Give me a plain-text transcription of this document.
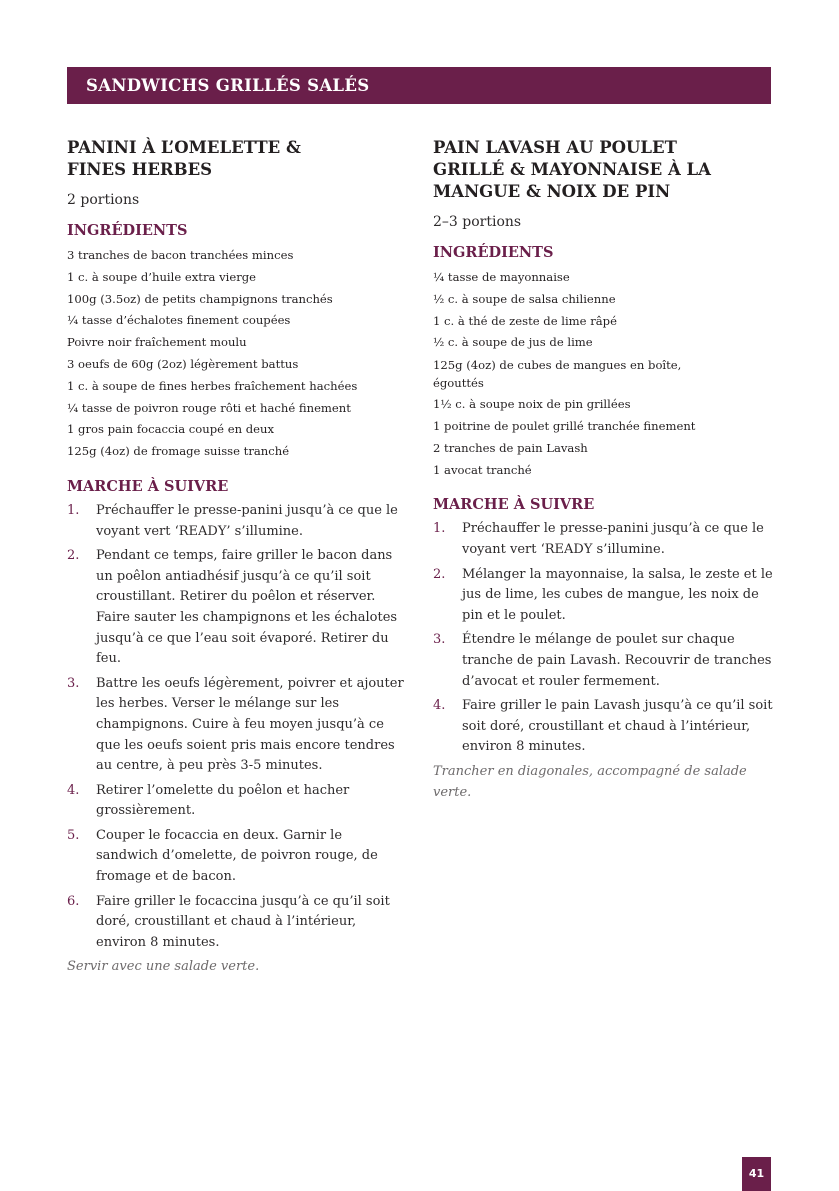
SANDWICHS GRILLÉS SALÉS
PANINI À L’OMELETTE &
FINES HERBES

2 portions

INGRÉDIENTS
3 tranches de bacon tranchées minces
1 c. à soupe d’huile extra vierge
100g (3.5oz) de petits champignons tranchés
¼ tasse d’échalotes finement coupées
Poivre noir fraîchement moulu
3 oeufs de 60g (2oz) légèrement battus
1 c. à soupe de fines herbes fraîchement hachées
¼ tasse de poivron rouge rôti et haché finement
1 gros pain focaccia coupé en deux
125g (4oz) de fromage suisse tranché
MARCHE À SUIVRE
1. Préchauffer le presse-panini jusqu’à ce que le voyant vert ‘READY’ s’illumine.
2. Pendant ce temps, faire griller le bacon dans un poêlon antiadhésif jusqu’à ce qu’il soit croustillant. Retirer du poêlon et réserver. Faire sauter les champignons et les échalotes jusqu’à ce que l’eau soit évaporé. Retirer du feu.
3. Battre les oeufs légèrement, poivrer et ajouter les herbes. Verser le mélange sur les champignons. Cuire à feu moyen jusqu’à ce que les oeufs soient pris mais encore tendres au centre, à peu près 3-5 minutes.
4. Retirer l’omelette du poêlon et hacher grossièrement.
5. Couper le focaccia en deux. Garnir le sandwich d’omelette, de poivron rouge, de fromage et de bacon.
6. Faire griller le focaccina jusqu’à ce qu’il soit doré, croustillant et chaud à l’intérieur, environ 8 minutes.

Servir avec une salade verte.

PAIN LAVASH AU POULET
GRILLÉ & MAYONNAISE À LA
MANGUE & NOIX DE PIN

2–3 portions

INGRÉDIENTS
¼ tasse de mayonnaise
½ c. à soupe de salsa chilienne
1 c. à thé de zeste de lime râpé
½ c. à soupe de jus de lime
125g (4oz) de cubes de mangues en boîte, égouttés
1½ c. à soupe noix de pin grillées
1 poitrine de poulet grillé tranchée finement
2 tranches de pain Lavash
1 avocat tranché
MARCHE À SUIVRE
1. Préchauffer le presse-panini jusqu’à ce que le voyant vert ‘READY s’illumine.
2. Mélanger la mayonnaise, la salsa, le zeste et le jus de lime, les cubes de mangue, les noix de pin et le poulet.
3. Étendre le mélange de poulet sur chaque tranche de pain Lavash. Recouvrir de tranches d’avocat et rouler fermement.
4. Faire griller le pain Lavash jusqu’à ce qu’il soit soit doré, croustillant et chaud à l’intérieur, environ 8 minutes.

Trancher en diagonales, accompagné de salade verte.

41
